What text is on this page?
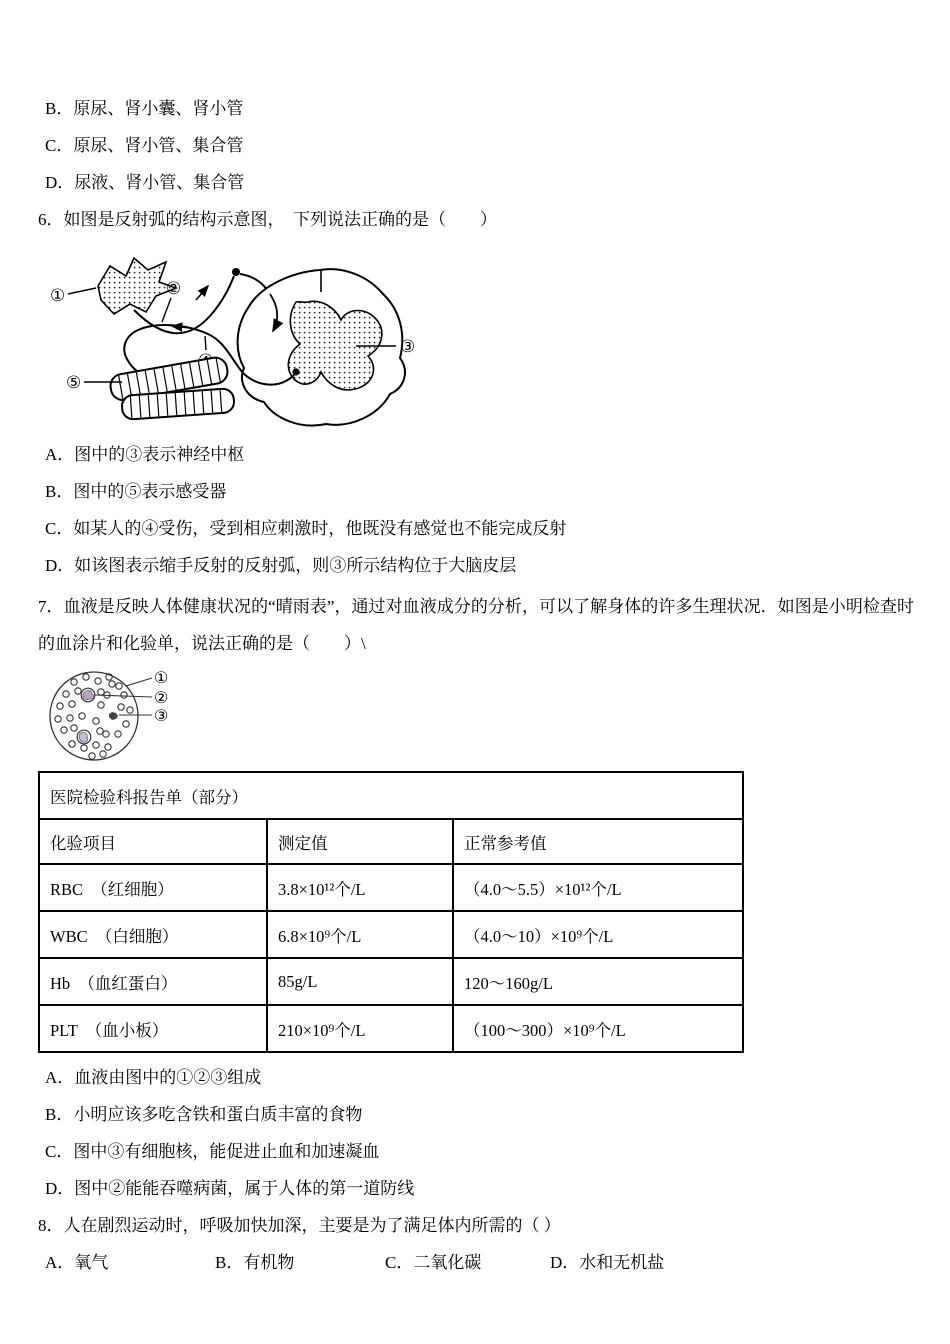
B．原尿、肾小囊、肾小管

C．原尿、肾小管、集合管

D．尿液、肾小管、集合管

6．如图是反射弧的结构示意图，　下列说法正确的是（　　）

①	②
③
⑤

A．图中的③表示神经中枢

B．图中的⑤表示感受器

C．如某人的④受伤，受到相应刺激时，他既没有感觉也不能完成反射

D．如该图表示缩手反射的反射弧，则③所示结构位于大脑皮层

7．血液是反映人体健康状况的“晴雨表”，通过对血液成分的分析，可以了解身体的许多生理状况．如图是小明检查时的血涂片和化验单，说法正确的是（　　）\

①
②
③
医院检验科报告单（部分）		
化验项目	测定值	正常参考值
RBC　（红细胞）	3.8×10¹²个/L	（4.0～5.5）×10¹²个/L
WBC　（白细胞）	6.8×10⁹个/L	（4.0～10）×10⁹个/L
Hb　（血红蛋白）	85g/L	120～160g/L
PLT　（血小板）	210×10⁹个/L	（100～300）×10⁹个/L

A．血液由图中的①②③组成

B．小明应该多吃含铁和蛋白质丰富的食物

C．图中③有细胞核，能促进止血和加速凝血

D．图中②能能吞噬病菌，属于人体的第一道防线

8．人在剧烈运动时，呼吸加快加深，主要是为了满足体内所需的（ ）

A．氧气	B．有机物	C．二氧化碳	D．水和无机盐
